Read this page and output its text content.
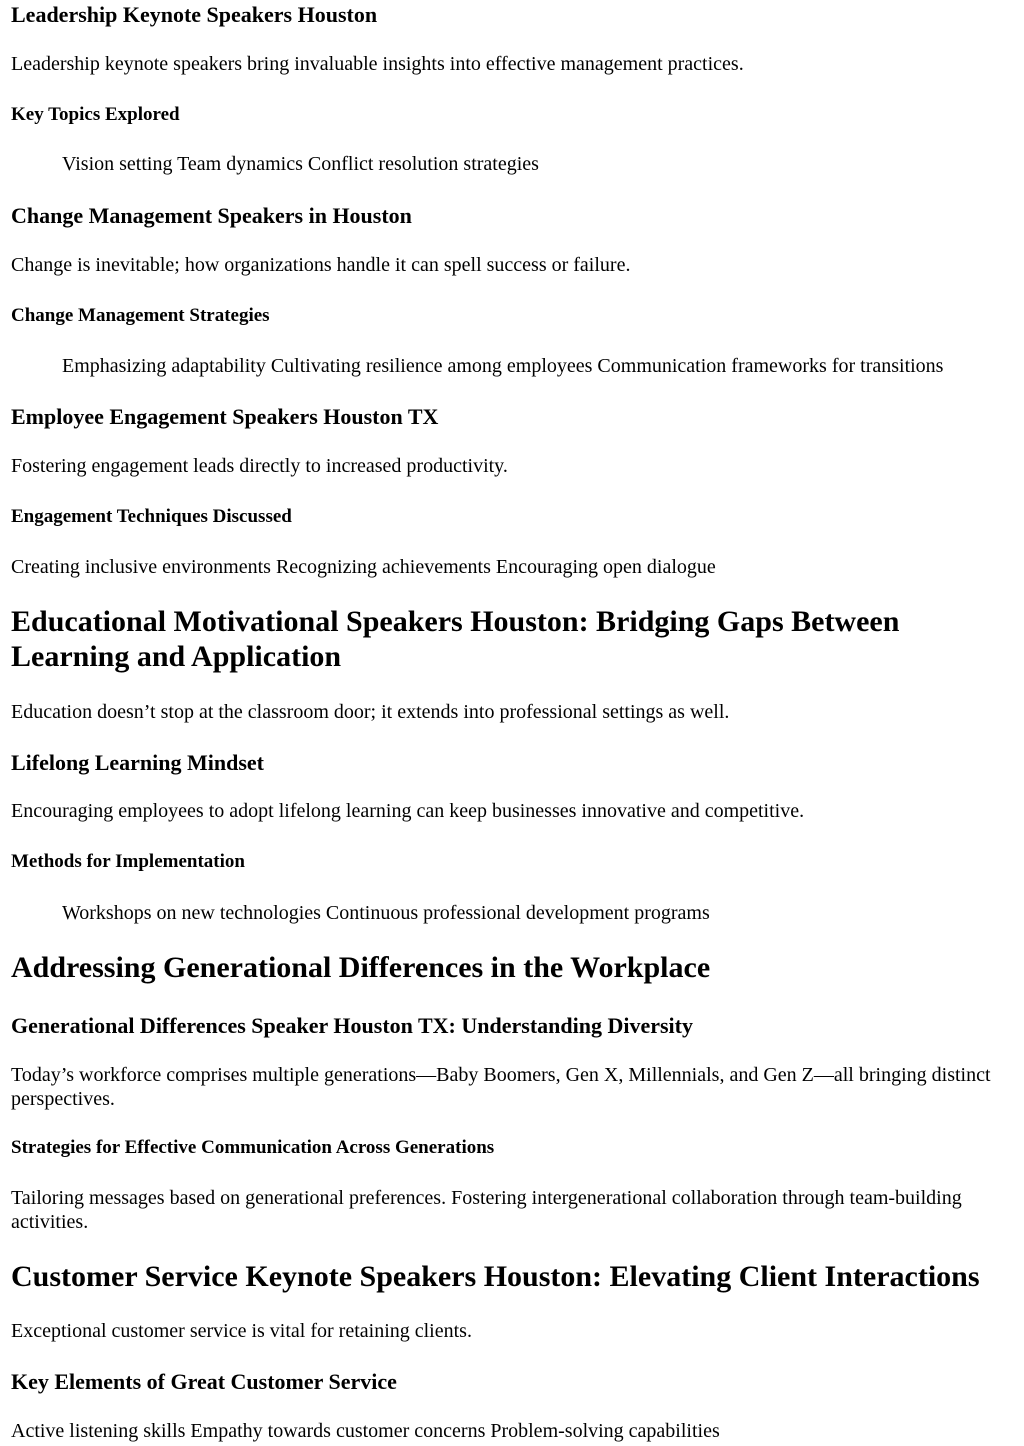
Leadership Keynote Speakers Houston

Leadership keynote speakers bring invaluable insights into effective management practices.

Key Topics Explored

Vision setting Team dynamics Conflict resolution strategies

Change Management Speakers in Houston

Change is inevitable; how organizations handle it can spell success or failure.

Change Management Strategies

Emphasizing adaptability Cultivating resilience among employees Communication frameworks for transitions

Employee Engagement Speakers Houston TX

Fostering engagement leads directly to increased productivity.

Engagement Techniques Discussed

Creating inclusive environments Recognizing achievements Encouraging open dialogue

Educational Motivational Speakers Houston: Bridging Gaps Between Learning and Application

Education doesn’t stop at the classroom door; it extends into professional settings as well.

Lifelong Learning Mindset

Encouraging employees to adopt lifelong learning can keep businesses innovative and competitive.

Methods for Implementation

Workshops on new technologies Continuous professional development programs

Addressing Generational Differences in the Workplace
Generational Differences Speaker Houston TX: Understanding Diversity

Today’s workforce comprises multiple generations—Baby Boomers, Gen X, Millennials, and Gen Z—all bringing distinct perspectives.

Strategies for Effective Communication Across Generations

Tailoring messages based on generational preferences. Fostering intergenerational collaboration through team-building activities.

Customer Service Keynote Speakers Houston: Elevating Client Interactions

Exceptional customer service is vital for retaining clients.

Key Elements of Great Customer Service

Active listening skills Empathy towards customer concerns Problem-solving capabilities
